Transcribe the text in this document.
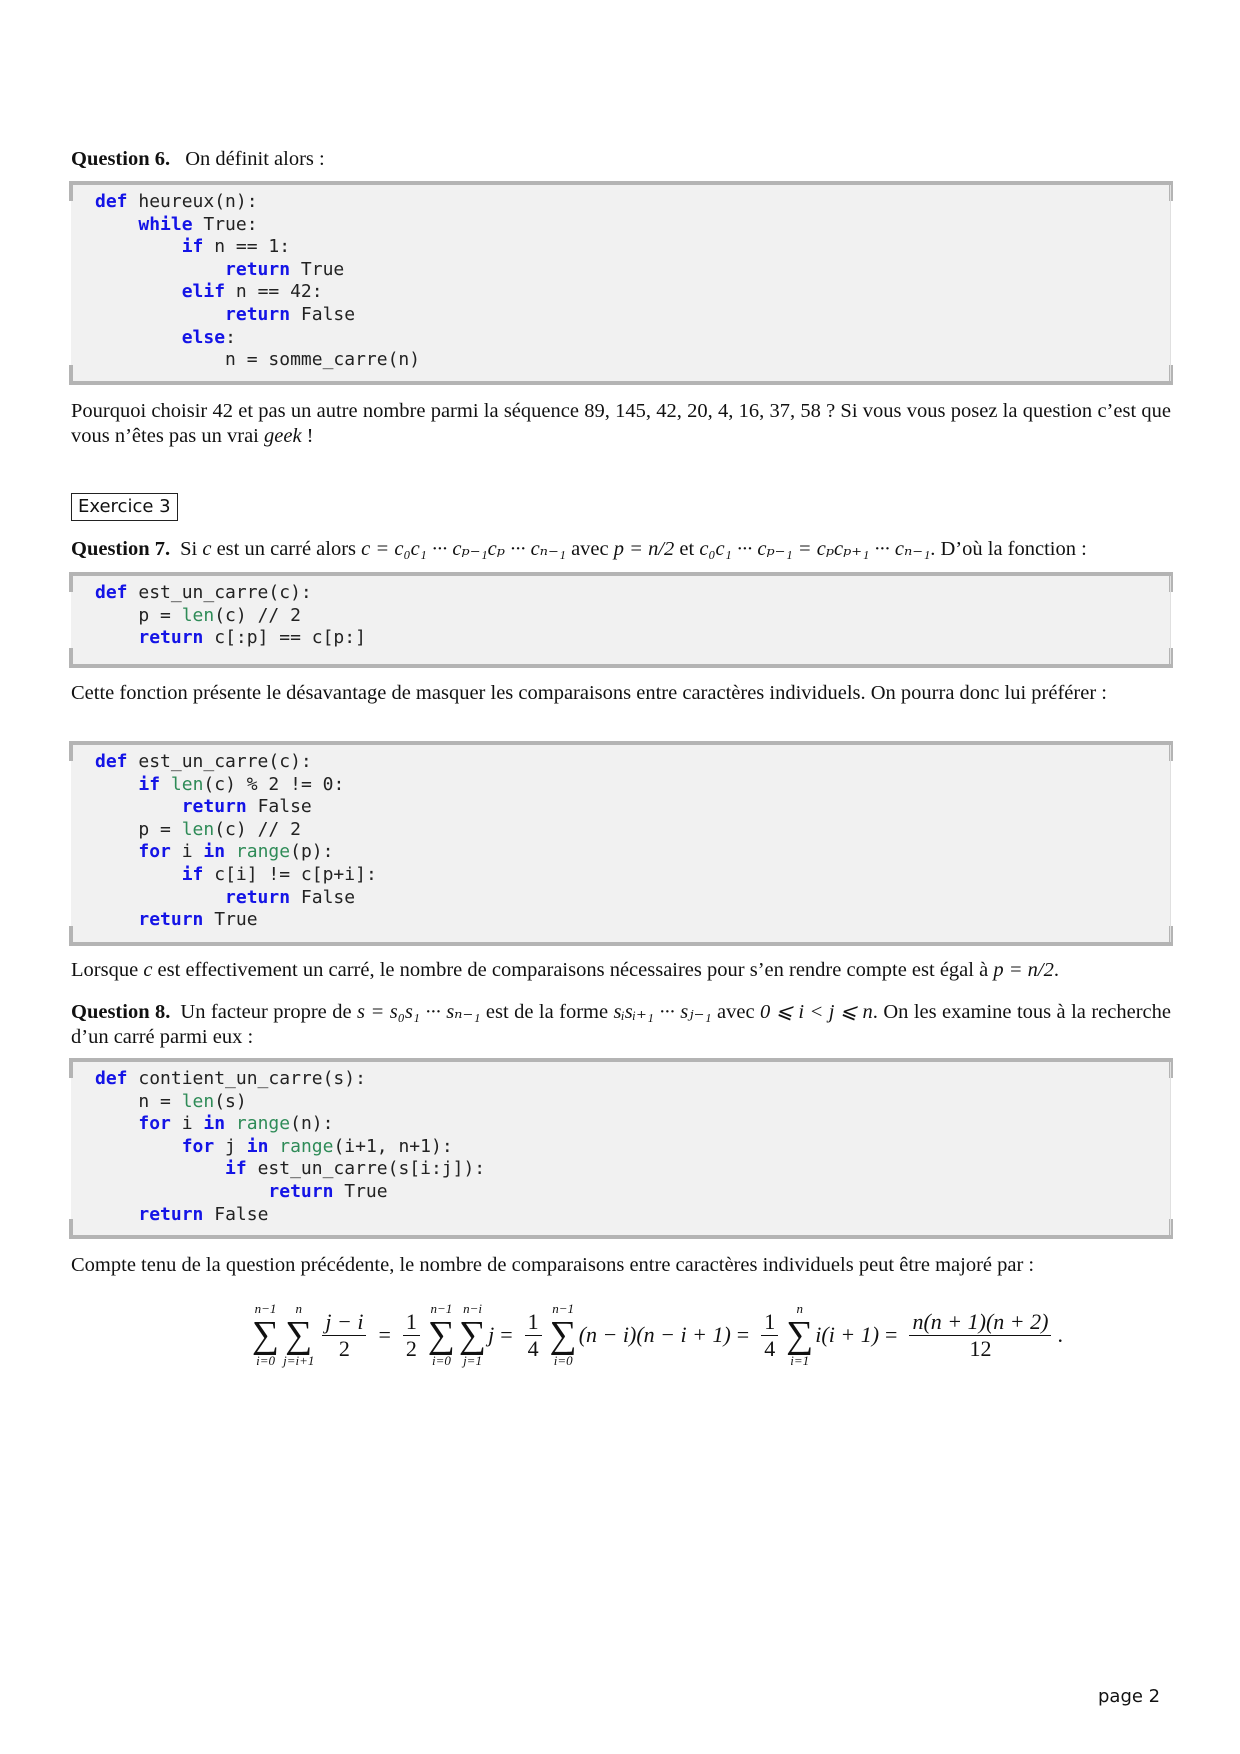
Question 6. On définit alors :
def heureux(n):
while True:
if n == 1:
return True
elif n == 42:
return False
else:
n = somme_carre(n)

Pourquoi choisir 42 et pas un autre nombre parmi la séquence 89, 145, 42, 20, 4, 16, 37, 58 ? Si vous vous posez la question c’est que vous n’êtes pas un vrai geek !

Exercice 3
Question 7. Si c est un carré alors c = c₀c₁ ··· cₚ₋₁cₚ ··· cₙ₋₁ avec p = n/2 et c₀c₁ ··· cₚ₋₁ = cₚcₚ₊₁ ··· cₙ₋₁. D’où la fonction :
def est_un_carre(c):
p = len(c) // 2
return c[:p] == c[p:]

Cette fonction présente le désavantage de masquer les comparaisons entre caractères individuels. On pourra donc lui préférer :

def est_un_carre(c):
if len(c) % 2 != 0:
return False
p = len(c) // 2
for i in range(p):
if c[i] != c[p+i]:
return False
return True
Lorsque c est effectivement un carré, le nombre de comparaisons nécessaires pour s’en rendre compte est égal à p = n/2.

Question 8. Un facteur propre de s = s₀s₁ ··· sₙ₋₁ est de la forme sᵢsᵢ₊₁ ··· sⱼ₋₁ avec 0 ⩽ i < j ⩽ n. On les examine tous à la recherche d’un carré parmi eux :

def contient_un_carre(s):
n = len(s)
for i in range(n):
for j in range(i+1, n+1):
if est_un_carre(s[i:j]):
return True
return False
Compte tenu de la question précédente, le nombre de comparaisons entre caractères individuels peut être majoré par :
n−1
∑
i=0
n
∑
$j=i+1 \frac{j - i}{2} = \frac{1}{2} n-1$
∑
i=0
n−i
∑
j=1
$j = \frac{1}{4} n-1$
∑
i=0
$(n - i)(n - i + 1) = \frac{1}{4}$ n
∑
i=1
$i(i + 1) = \frac{n(n + 1)(n + 2)}{12}$ .
page 2
